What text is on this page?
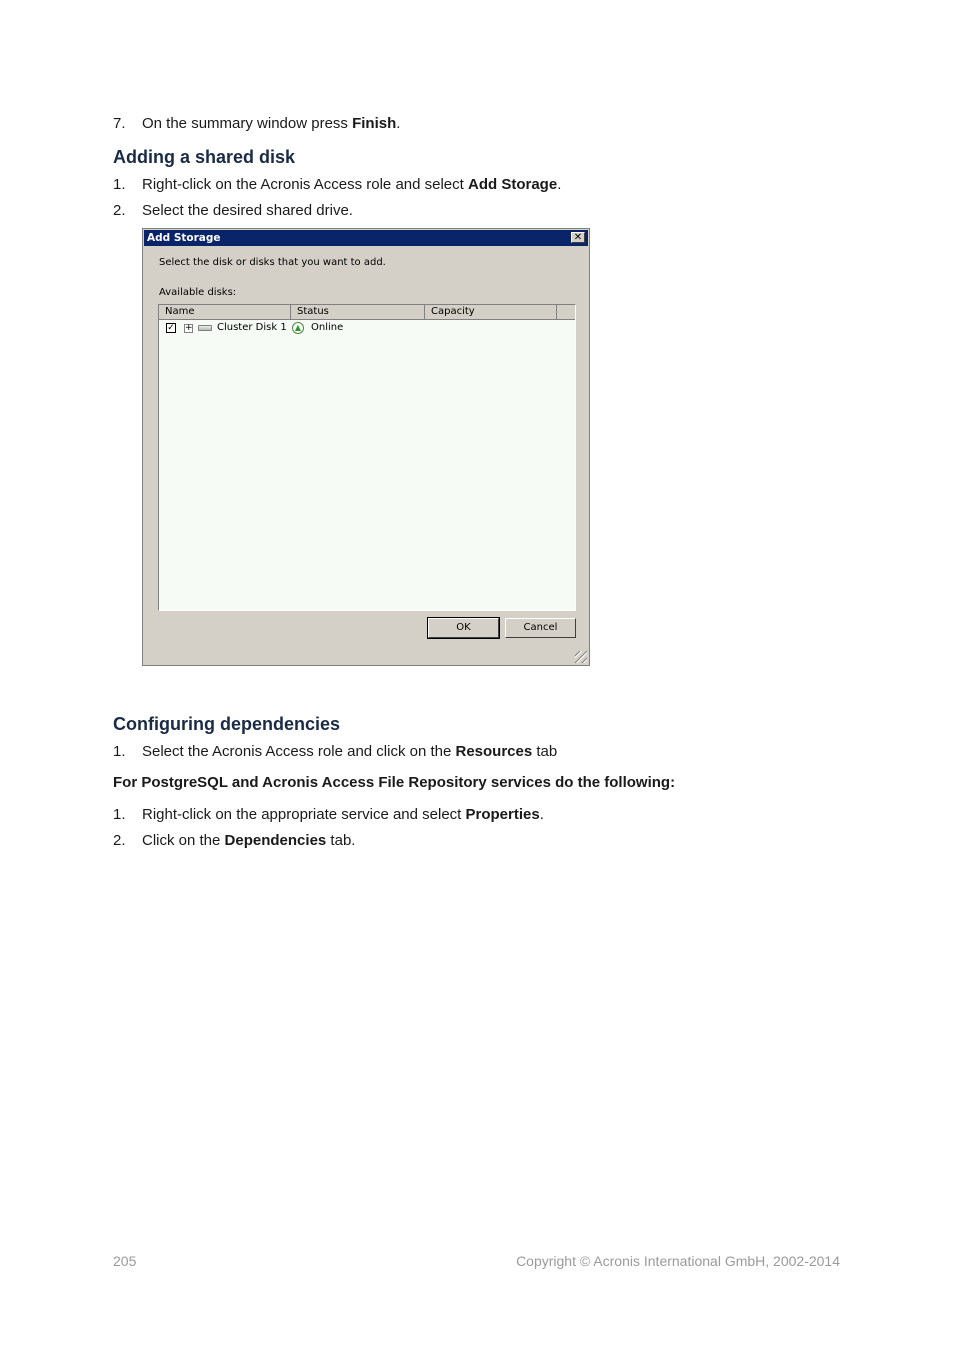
7. On the summary window press Finish.
Adding a shared disk
1. Right-click on the Acronis Access role and select Add Storage.
2. Select the desired shared drive.
Add Storage	✕
Select the disk or disks that you want to add.
Available disks:
Name	Status	Capacity
✓ + Cluster Disk 1	▲ Online
OK	Cancel
Configuring dependencies
1. Select the Acronis Access role and click on the Resources tab
For PostgreSQL and Acronis Access File Repository services do the following:
1. Right-click on the appropriate service and select Properties.
2. Click on the Dependencies tab.
205	Copyright © Acronis International GmbH, 2002-2014
